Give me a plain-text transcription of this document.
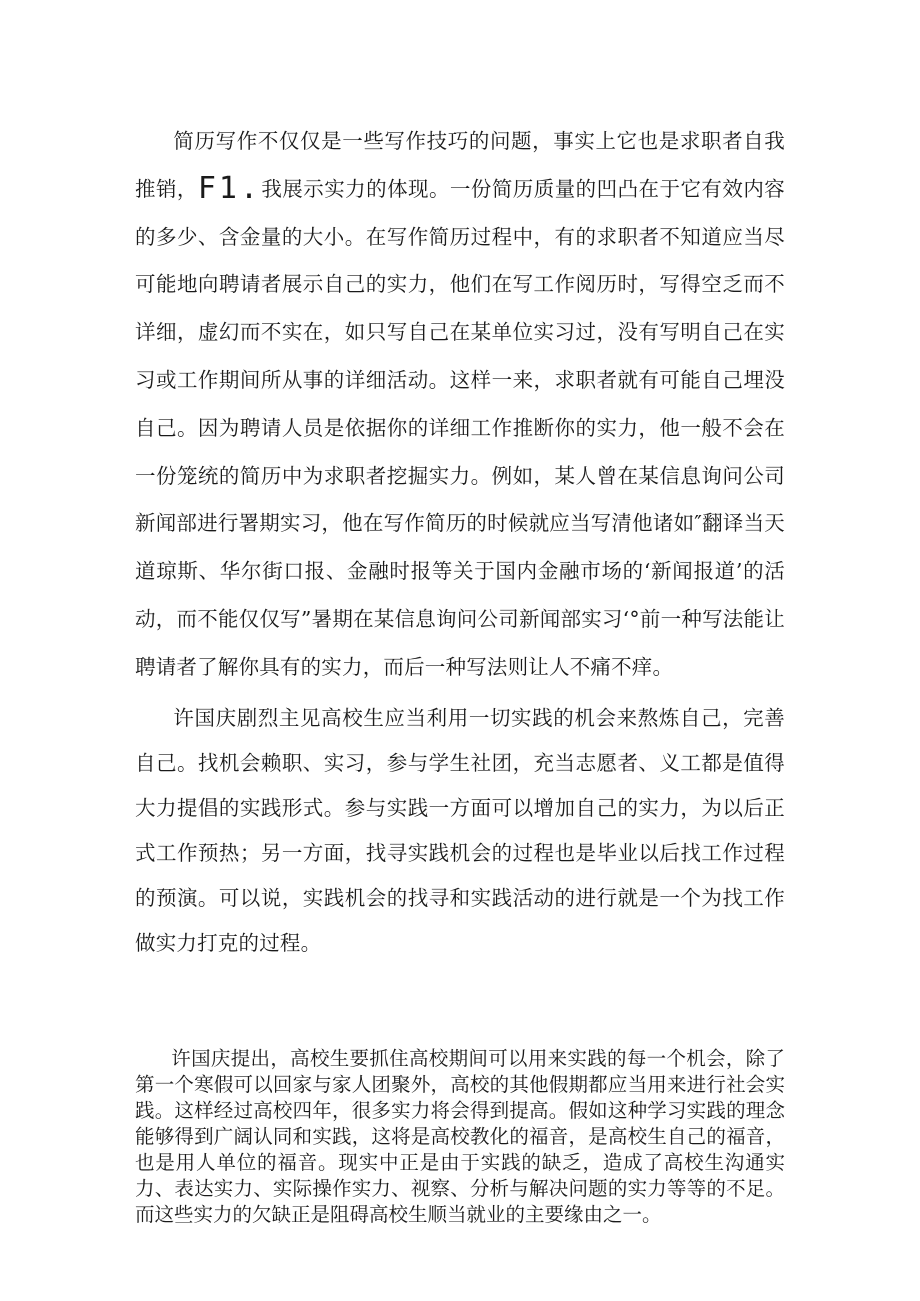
简历写作不仅仅是一些写作技巧的问题，事实上它也是求职者自我推销，F1.我展示实力的体现。一份简历质量的凹凸在于它有效内容的多少、含金量的大小。在写作简历过程中，有的求职者不知道应当尽可能地向聘请者展示自己的实力，他们在写工作阅历时，写得空乏而不详细，虚幻而不实在，如只写自己在某单位实习过，没有写明自己在实习或工作期间所从事的详细活动。这样一来，求职者就有可能自己埋没自己。因为聘请人员是依据你的详细工作推断你的实力，他一般不会在一份笼统的简历中为求职者挖掘实力。例如，某人曾在某信息询问公司新闻部进行署期实习，他在写作简历的时候就应当写清他诸如″翻译当天道琼斯、华尔街口报、金融时报等关于国内金融市场的‘新闻报道’的活动，而不能仅仅写”暑期在某信息询问公司新闻部实习‘°前一种写法能让聘请者了解你具有的实力，而后一种写法则让人不痛不痒。

许国庆剧烈主见高校生应当利用一切实践的机会来熬炼自己，完善自己。找机会赖职、实习，参与学生社团，充当志愿者、义工都是值得大力提倡的实践形式。参与实践一方面可以增加自己的实力，为以后正式工作预热；另一方面，找寻实践机会的过程也是毕业以后找工作过程的预演。可以说，实践机会的找寻和实践活动的进行就是一个为找工作做实力打克的过程。

许国庆提出，高校生要抓住高校期间可以用来实践的每一个机会，除了第一个寒假可以回家与家人团聚外，高校的其他假期都应当用来进行社会实践。这样经过高校四年，很多实力将会得到提高。假如这种学习实践的理念能够得到广阔认同和实践，这将是高校教化的福音，是高校生自己的福音，也是用人单位的福音。现实中正是由于实践的缺乏，造成了高校生沟通实力、表达实力、实际操作实力、视察、分析与解决问题的实力等等的不足。而这些实力的欠缺正是阻碍高校生顺当就业的主要缘由之一。
